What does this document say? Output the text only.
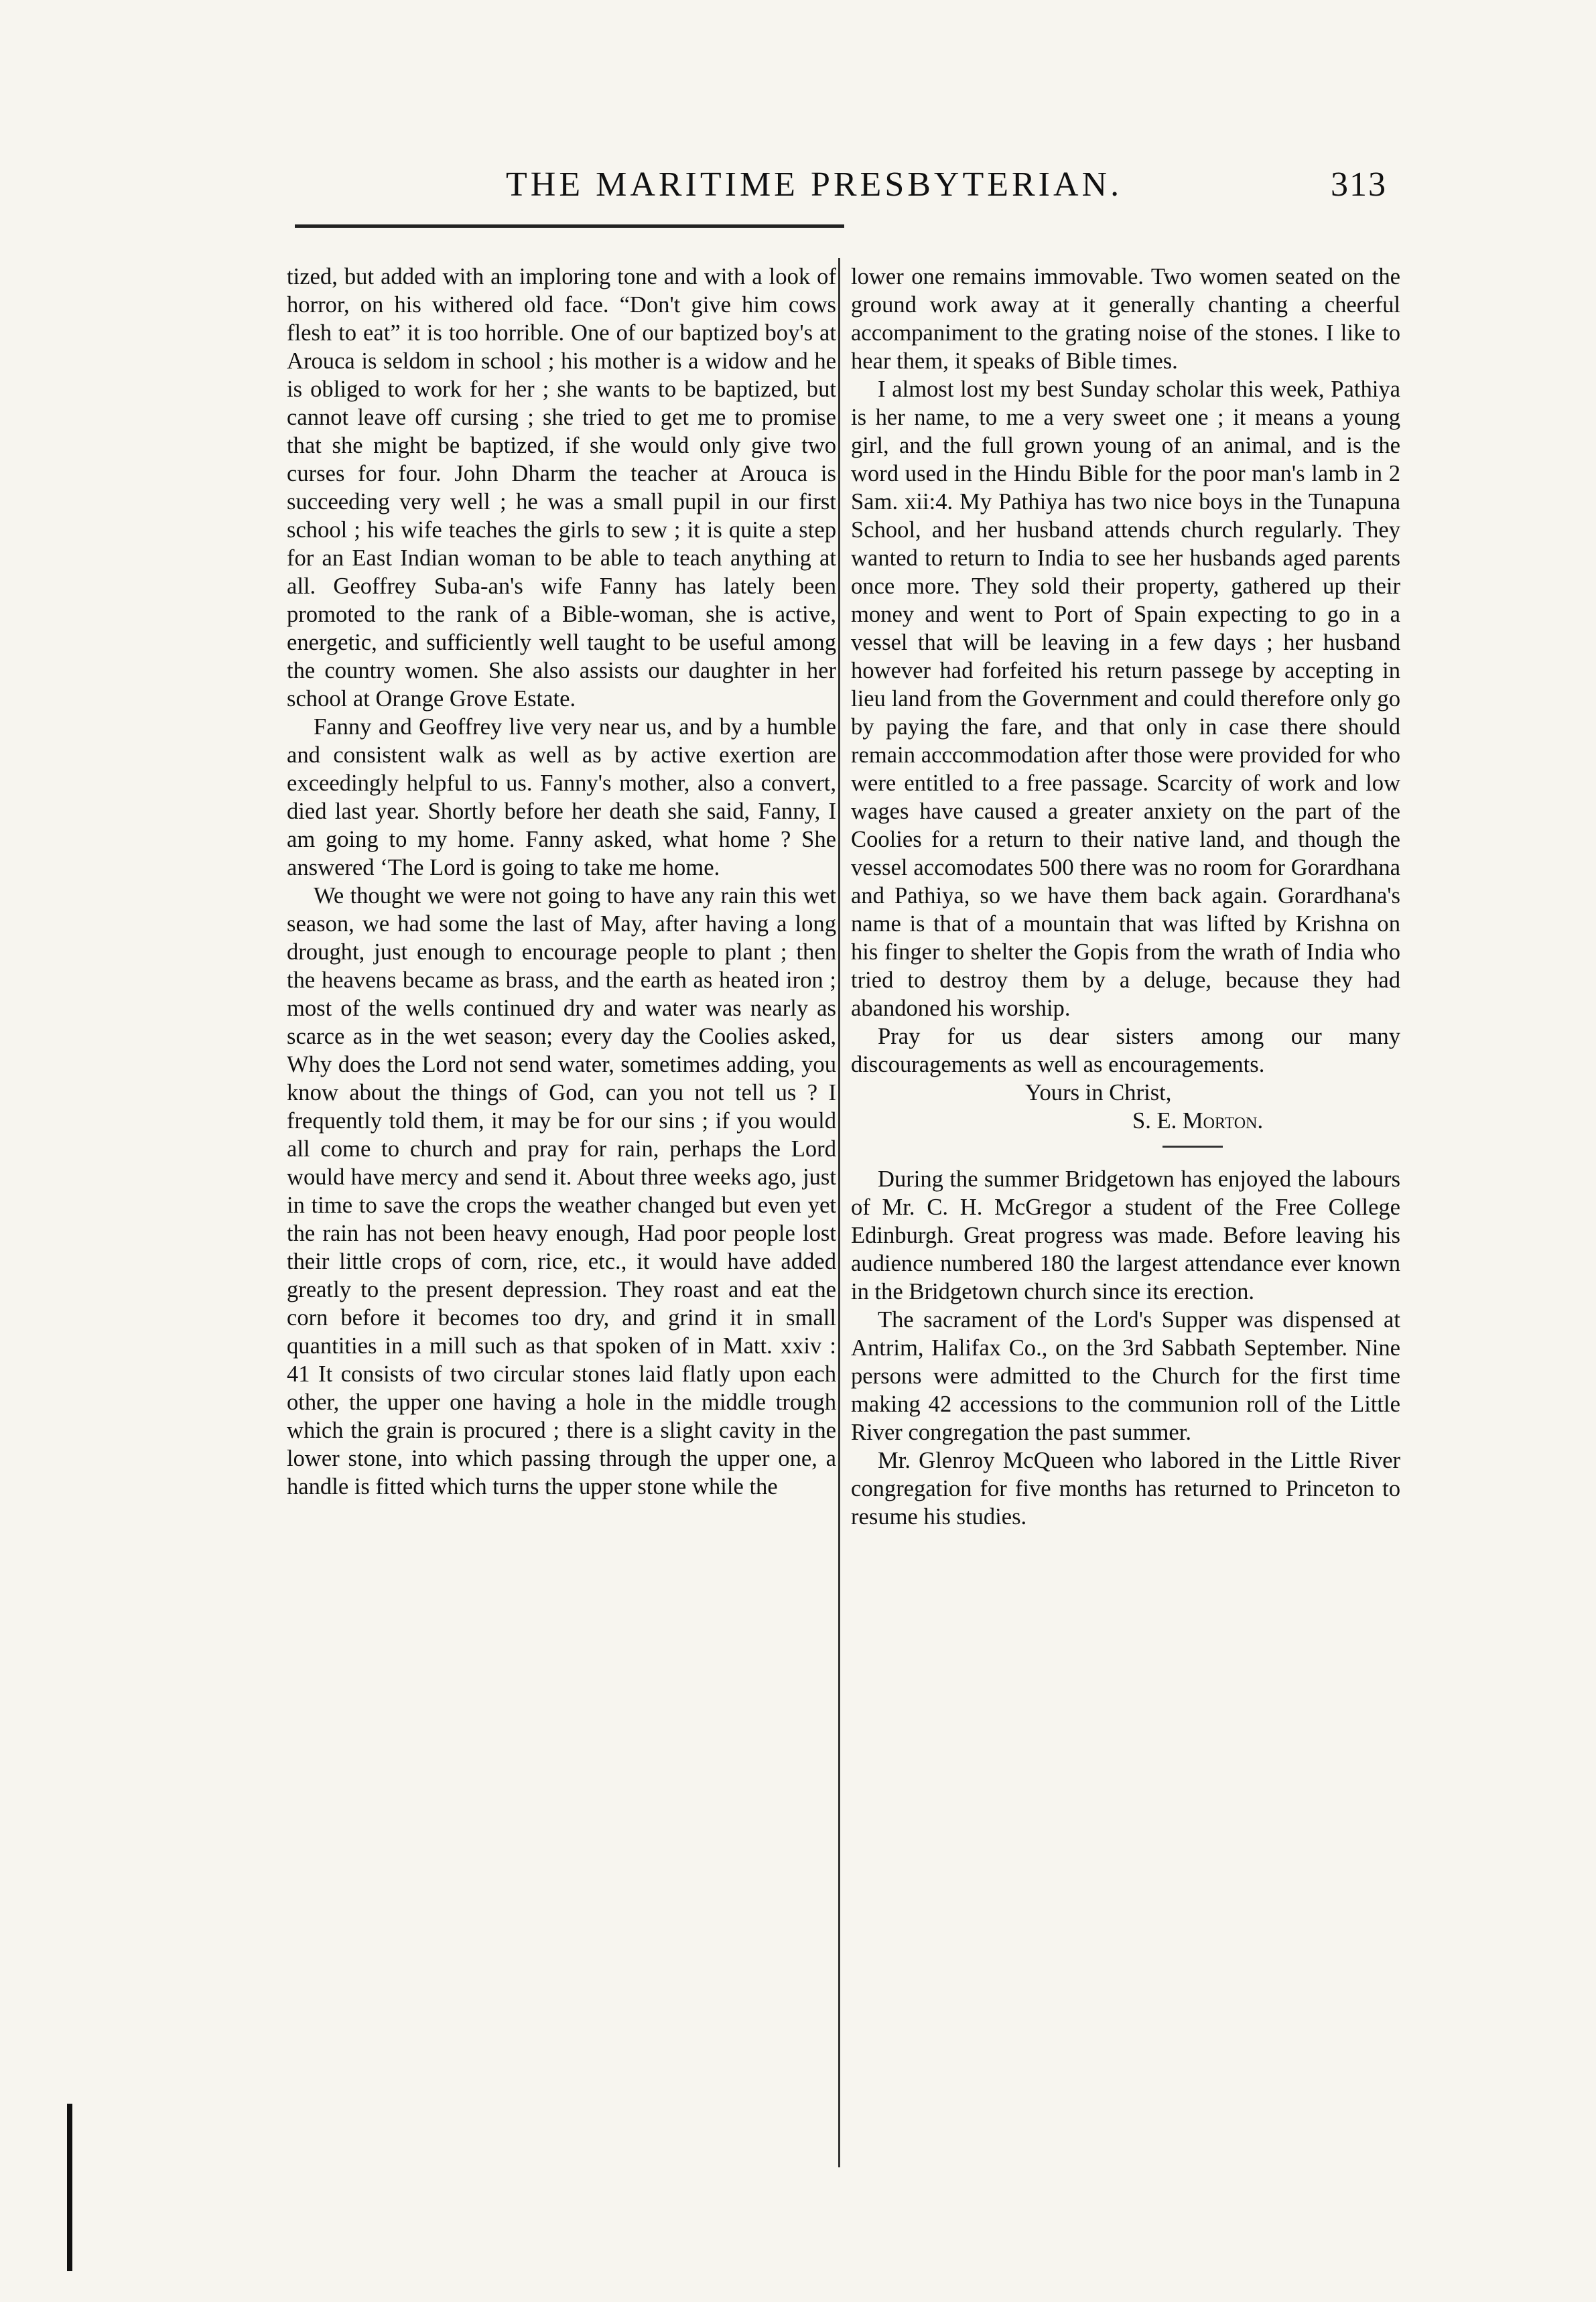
THE MARITIME PRESBYTERIAN.	313

tized, but added with an imploring tone and with a look of horror, on his withered old face. “Don't give him cows flesh to eat” it is too horrible. One of our baptized boy's at Arouca is seldom in school ; his mother is a widow and he is obliged to work for her ; she wants to be baptized, but cannot leave off cursing ; she tried to get me to promise that she might be baptized, if she would only give two curses for four. John Dharm the teacher at Arouca is succeeding very well ; he was a small pupil in our first school ; his wife teaches the girls to sew ; it is quite a step for an East Indian woman to be able to teach anything at all. Geoffrey Suba-an's wife Fanny has lately been promoted to the rank of a Bible-woman, she is active, energetic, and sufficiently well taught to be useful among the country women. She also assists our daughter in her school at Orange Grove Estate.

Fanny and Geoffrey live very near us, and by a humble and consistent walk as well as by active exertion are exceedingly helpful to us. Fanny's mother, also a convert, died last year. Shortly before her death she said, Fanny, I am going to my home. Fanny asked, what home ? She answered ‘The Lord is going to take me home.

We thought we were not going to have any rain this wet season, we had some the last of May, after having a long drought, just enough to encourage people to plant ; then the heavens became as brass, and the earth as heated iron ; most of the wells continued dry and water was nearly as scarce as in the wet season; every day the Coolies asked, Why does the Lord not send water, sometimes adding, you know about the things of God, can you not tell us ? I frequently told them, it may be for our sins ; if you would all come to church and pray for rain, perhaps the Lord would have mercy and send it. About three weeks ago, just in time to save the crops the weather changed but even yet the rain has not been heavy enough, Had poor people lost their little crops of corn, rice, etc., it would have added greatly to the present depression. They roast and eat the corn before it becomes too dry, and grind it in small quantities in a mill such as that spoken of in Matt. xxiv : 41 It consists of two circular stones laid flatly upon each other, the upper one having a hole in the middle trough which the grain is procured ; there is a slight cavity in the lower stone, into which passing through the upper one, a handle is fitted which turns the upper stone while the

lower one remains immovable. Two women seated on the ground work away at it generally chanting a cheerful accompaniment to the grating noise of the stones. I like to hear them, it speaks of Bible times.

I almost lost my best Sunday scholar this week, Pathiya is her name, to me a very sweet one ; it means a young girl, and the full grown young of an animal, and is the word used in the Hindu Bible for the poor man's lamb in 2 Sam. xii:4. My Pathiya has two nice boys in the Tunapuna School, and her husband attends church regularly. They wanted to return to India to see her husbands aged parents once more. They sold their property, gathered up their money and went to Port of Spain expecting to go in a vessel that will be leaving in a few days ; her husband however had forfeited his return passege by accepting in lieu land from the Government and could therefore only go by paying the fare, and that only in case there should remain acccommodation after those were provided for who were entitled to a free passage. Scarcity of work and low wages have caused a greater anxiety on the part of the Coolies for a return to their native land, and though the vessel accomodates 500 there was no room for Gorardhana and Pathiya, so we have them back again. Gorardhana's name is that of a mountain that was lifted by Krishna on his finger to shelter the Gopis from the wrath of India who tried to destroy them by a deluge, because they had abandoned his worship.

Pray for us dear sisters among our many discouragements as well as encouragements.

Yours in Christ,

S. E. Morton.

During the summer Bridgetown has enjoyed the labours of Mr. C. H. McGregor a student of the Free College Edinburgh. Great progress was made. Before leaving his audience numbered 180 the largest attendance ever known in the Bridgetown church since its erection.

The sacrament of the Lord's Supper was dispensed at Antrim, Halifax Co., on the 3rd Sabbath September. Nine persons were admitted to the Church for the first time making 42 accessions to the communion roll of the Little River congregation the past summer.

Mr. Glenroy McQueen who labored in the Little River congregation for five months has returned to Princeton to resume his studies.
